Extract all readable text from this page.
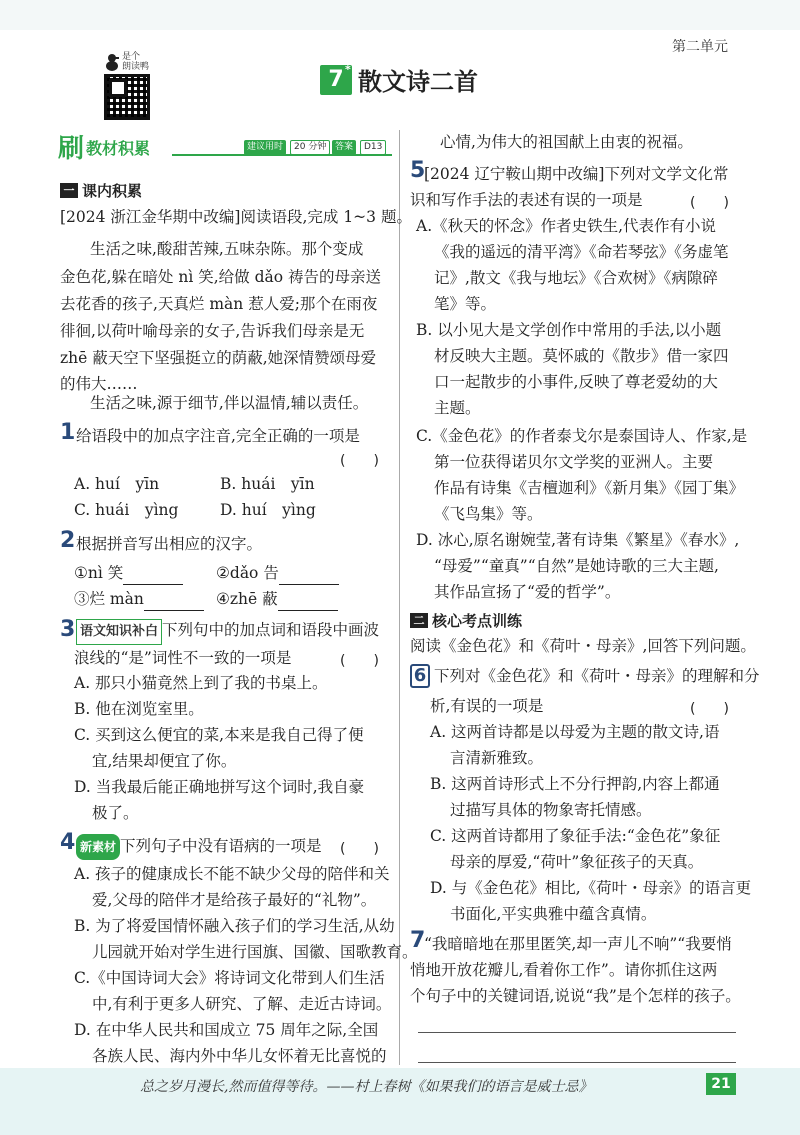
第二单元
是个
朗读鸭	7 * 散文诗二首
刷 教材积累	建议用时	20 分钟 答案	D13
一 课内积累
[2024 浙江金华期中改编]阅读语段,完成 1~3 题。
生活之味,酸甜苦辣,五味杂陈。那个变成
金色花,躲在暗处 nì 笑,给做 dǎo 祷告的母亲送
去花香的孩子,天真烂 màn 惹人爱;那个在雨夜
徘徊,以荷叶喻母亲的女子,告诉我们母亲是无
zhē 蔽天空下坚强挺立的荫蔽,她深情赞颂母爱
的伟大……
生活之味,源于细节,伴以温情,辅以责任。
1 给语段中的加点字注音,完全正确的一项是
(　　)
A. huí　yīn	B. huái　yīn
C. huái　yìng	D. huí　yìng
2 根据拼音写出相应的汉字。
①nì 笑	②dǎo 告
③烂 màn	④zhē 蔽
3 语文知识补白 下列句中的加点词和语段中画波
浪线的“是”词性不一致的一项是	(　　)
A. 那只小猫竟然上到了我的书桌上。
B. 他在浏览室里。
C. 买到这么便宜的菜,本来是我自己得了便
宜,结果却便宜了你。
D. 当我最后能正确地拼写这个词时,我自豪
极了。
4 新素材 下列句子中没有语病的一项是 (　　)
A. 孩子的健康成长不能不缺少父母的陪伴和关
爱,父母的陪伴才是给孩子最好的“礼物”。
B. 为了将爱国情怀融入孩子们的学习生活,从幼
儿园就开始对学生进行国旗、国徽、国歌教育。
C.《中国诗词大会》将诗词文化带到人们生活
中,有利于更多人研究、了解、走近古诗词。
D. 在中华人民共和国成立 75 周年之际,全国
各族人民、海内外中华儿女怀着无比喜悦的
心情,为伟大的祖国献上由衷的祝福。
5
[2024 辽宁鞍山期中改编]下列对文学文化常
识和写作手法的表述有误的一项是	(　　)
A.《秋天的怀念》作者史铁生,代表作有小说
《我的遥远的清平湾》《命若琴弦》《务虚笔
记》,散文《我与地坛》《合欢树》《病隙碎
笔》等。
B. 以小见大是文学创作中常用的手法,以小题
材反映大主题。莫怀戚的《散步》借一家四
口一起散步的小事件,反映了尊老爱幼的大
主题。
C.《金色花》的作者泰戈尔是泰国诗人、作家,是
第一位获得诺贝尔文学奖的亚洲人。主要
作品有诗集《吉檀迦利》《新月集》《园丁集》
《飞鸟集》等。
D. 冰心,原名谢婉莹,著有诗集《繁星》《春水》,
“母爱”“童真”“自然”是她诗歌的三大主题,
其作品宣扬了“爱的哲学”。
二 核心考点训练
阅读《金色花》和《荷叶・母亲》,回答下列问题。
6 下列对《金色花》和《荷叶・母亲》的理解和分
析,有误的一项是	(　　)
A. 这两首诗都是以母爱为主题的散文诗,语
言清新雅致。
B. 这两首诗形式上不分行押韵,内容上都通
过描写具体的物象寄托情感。
C. 这两首诗都用了象征手法:“金色花”象征
母亲的厚爱,“荷叶”象征孩子的天真。
D. 与《金色花》相比,《荷叶・母亲》的语言更
书面化,平实典雅中蕴含真情。
7
“我暗暗地在那里匿笑,却一声儿不响”“我要悄
悄地开放花瓣儿,看着你工作”。请你抓住这两
个句子中的关键词语,说说“我”是个怎样的孩子。
总之岁月漫长,然而值得等待。——村上春树《如果我们的语言是威士忌》	21
